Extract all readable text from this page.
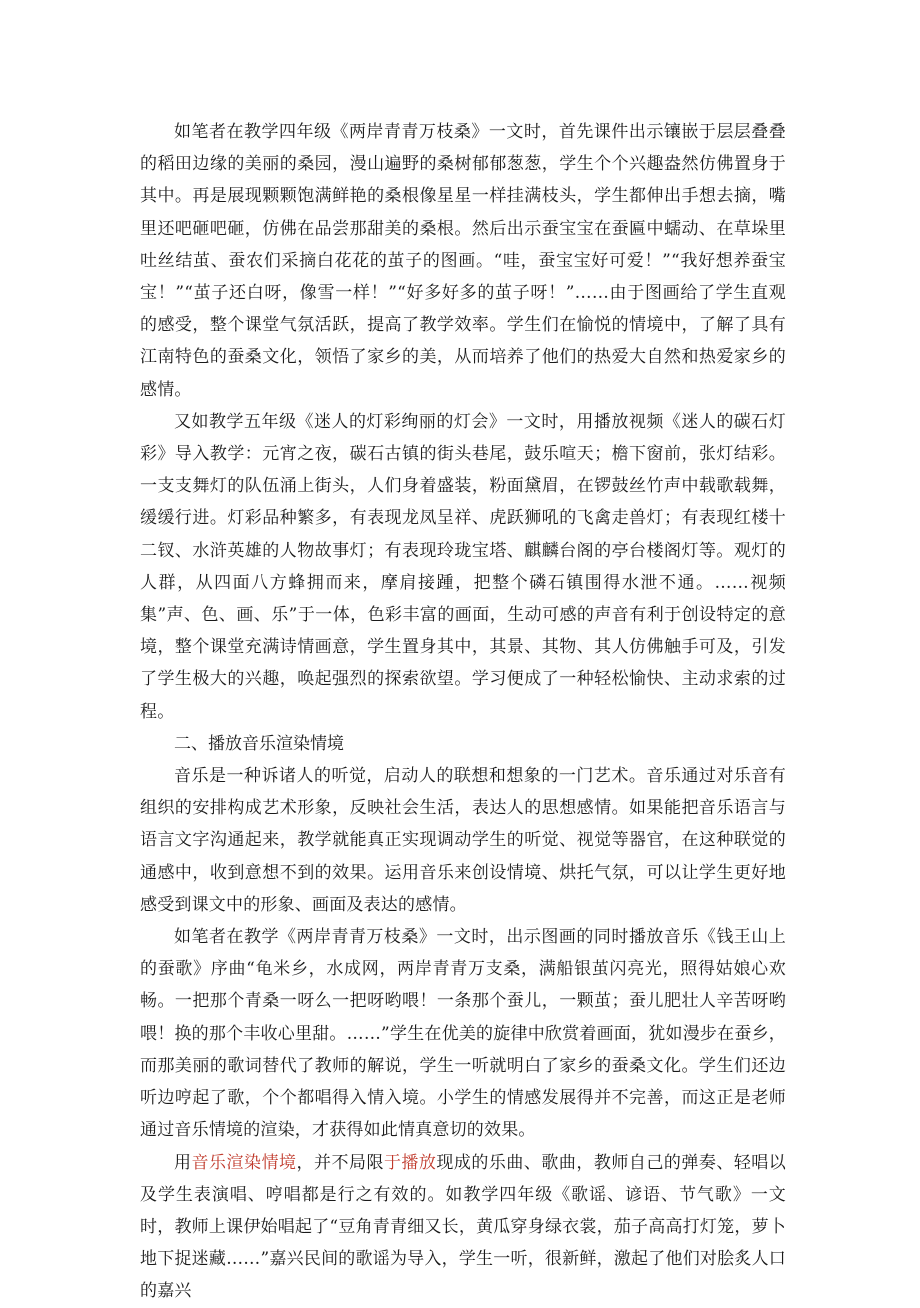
如笔者在教学四年级《两岸青青万枝桑》一文时，首先课件出示镶嵌于层层叠叠的稻田边缘的美丽的桑园，漫山遍野的桑树郁郁葱葱，学生个个兴趣盎然仿佛置身于其中。再是展现颗颗饱满鲜艳的桑根像星星一样挂满枝头，学生都伸出手想去摘，嘴里还吧砸吧砸，仿佛在品尝那甜美的桑根。然后出示蚕宝宝在蚕匾中蠕动、在草垛里吐丝结茧、蚕农们采摘白花花的茧子的图画。“哇，蚕宝宝好可爱！”“我好想养蚕宝宝！”“茧子还白呀，像雪一样！”“好多好多的茧子呀！”……由于图画给了学生直观的感受，整个课堂气氛活跃，提高了教学效率。学生们在愉悦的情境中，了解了具有江南特色的蚕桑文化，领悟了家乡的美，从而培养了他们的热爱大自然和热爱家乡的感情。

又如教学五年级《迷人的灯彩绚丽的灯会》一文时，用播放视频《迷人的碳石灯彩》导入教学：元宵之夜，碳石古镇的街头巷尾，鼓乐喧天；檐下窗前，张灯结彩。一支支舞灯的队伍涌上街头，人们身着盛装，粉面黛眉，在锣鼓丝竹声中载歌载舞，缓缓行进。灯彩品种繁多，有表现龙凤呈祥、虎跃狮吼的飞禽走兽灯；有表现红楼十二钗、水浒英雄的人物故事灯；有表现玲珑宝塔、麒麟台阁的亭台楼阁灯等。观灯的人群，从四面八方蜂拥而来，摩肩接踵，把整个磷石镇围得水泄不通。……视频集”声、色、画、乐”于一体，色彩丰富的画面，生动可感的声音有利于创设特定的意境，整个课堂充满诗情画意，学生置身其中，其景、其物、其人仿佛触手可及，引发了学生极大的兴趣，唤起强烈的探索欲望。学习便成了一种轻松愉快、主动求索的过程。

二、播放音乐渲染情境

音乐是一种诉诸人的听觉，启动人的联想和想象的一门艺术。音乐通过对乐音有组织的安排构成艺术形象，反映社会生活，表达人的思想感情。如果能把音乐语言与语言文字沟通起来，教学就能真正实现调动学生的听觉、视觉等器官，在这种联觉的通感中，收到意想不到的效果。运用音乐来创设情境、烘托气氛，可以让学生更好地感受到课文中的形象、画面及表达的感情。

如笔者在教学《两岸青青万枝桑》一文时，出示图画的同时播放音乐《钱王山上的蚕歌》序曲“龟米乡，水成网，两岸青青万支桑，满船银茧闪亮光，照得姑娘心欢畅。一把那个青桑一呀么一把呀哟喂！一条那个蚕儿，一颗茧；蚕儿肥壮人辛苦呀哟喂！换的那个丰收心里甜。……”学生在优美的旋律中欣赏着画面，犹如漫步在蚕乡，而那美丽的歌词替代了教师的解说，学生一听就明白了家乡的蚕桑文化。学生们还边听边哼起了歌，个个都唱得入情入境。小学生的情感发展得并不完善，而这正是老师通过音乐情境的渲染，才获得如此情真意切的效果。

用音乐渲染情境，并不局限于播放现成的乐曲、歌曲，教师自己的弹奏、轻唱以及学生表演唱、哼唱都是行之有效的。如教学四年级《歌谣、谚语、节气歌》一文时，教师上课伊始唱起了“豆角青青细又长，黄瓜穿身绿衣裳，茄子高高打灯笼，萝卜地下捉迷藏……”嘉兴民间的歌谣为导入，学生一听，很新鲜，激起了他们对脍炙人口的嘉兴
